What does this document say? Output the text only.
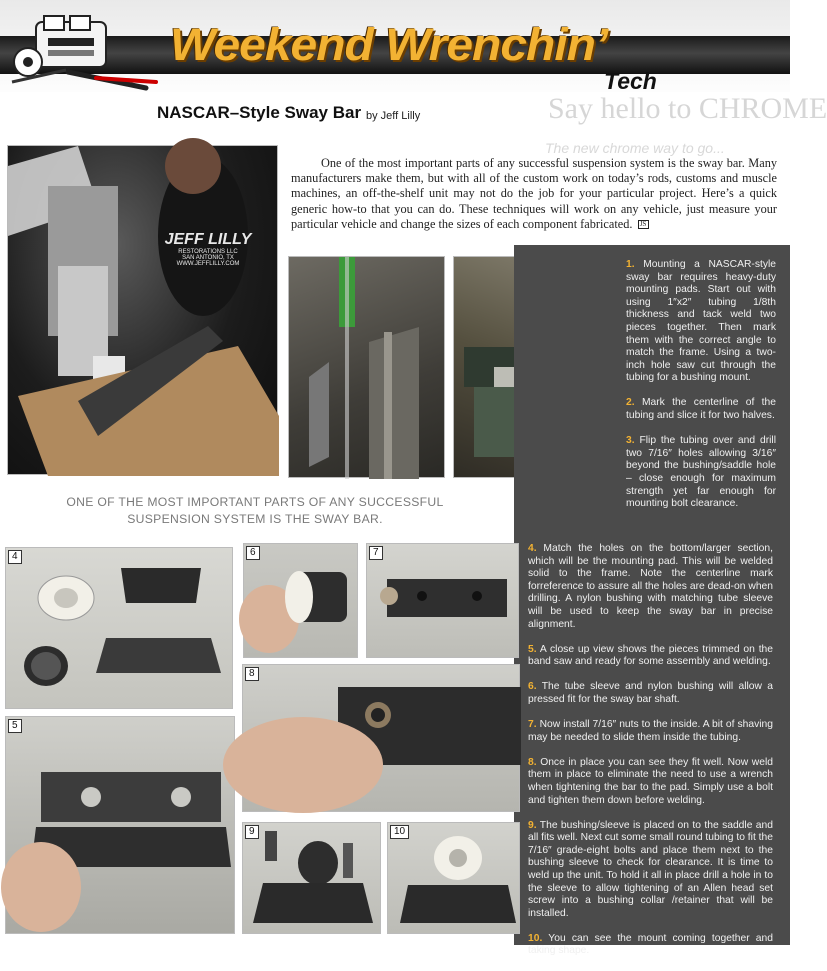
Say hello to CHROME
The new chrome way to go...
Weekend Wrenchin’
Tech
NASCAR–Style Sway Bar by Jeff Lilly
One of the most important parts of any successful suspension system is the sway bar. Many manufacturers make them, but with all of the custom work on today’s rods, customs and muscle machines, an off-the-shelf unit may not do the job for your particular project. Here’s a quick generic how-to that you can do. These techniques will work on any vehicle, just measure your particular vehicle and change the sizes of each component fabricated. JS
JEFF LILLY
RESTORATIONS LLC
SAN ANTONIO, TX
WWW.JEFFLILLY.COM
ONE OF THE MOST IMPORTANT PARTS OF ANY SUCCESSFUL
SUSPENSION SYSTEM IS THE SWAY BAR.

1. Mounting a NASCAR-style sway bar requires heavy-duty mounting pads. Start out with using 1″x2″ tubing 1/8th thickness and tack weld two pieces together. Then mark them with the correct angle to match the frame. Using a two-inch hole saw cut through the tubing for a bushing mount.

2. Mark the centerline of the tubing and slice it for two halves.

3. Flip the tubing over and drill two 7/16″ holes allowing 3/16″ beyond the bushing/saddle hole – close enough for maximum strength yet far enough for mounting bolt clearance.

4. Match the holes on the bottom/larger section, which will be the mounting pad. This will be welded solid to the frame. Note the centerline mark forreference to assure all the holes are dead-on when drilling. A nylon bushing with matching tube sleeve will be used to keep the sway bar in precise alignment.

5. A close up view shows the pieces trimmed on the band saw and ready for some assembly and welding.

6. The tube sleeve and nylon bushing will allow a pressed fit for the sway bar shaft.

7. Now install 7/16″ nuts to the inside. A bit of shaving may be needed to slide them inside the tubing.

8. Once in place you can see they fit well. Now weld them in place to eliminate the need to use a wrench when tightening the bar to the pad. Simply use a bolt and tighten them down before welding.

9. The bushing/sleeve is placed on to the saddle and all fits well. Next cut some small round tubing to fit the 7/16″ grade-eight bolts and place them next to the bushing sleeve to check for clearance. It is time to weld up the unit. To hold it all in place drill a hole in to the sleeve to allow tightening of an Allen head set screw into a bushing collar /retainer that will be installed.

10. You can see the mount coming together and taking shape.

4
5
6	7
8
9	10
